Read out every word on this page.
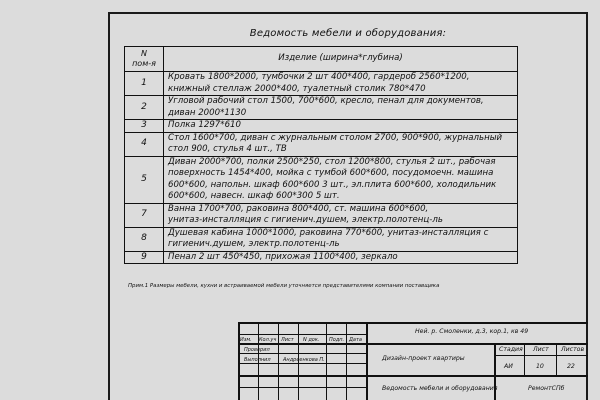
Ведомость мебели и оборудования:
N
пом-я	Изделие (ширина*глубина)
1	Кровать 1800*2000, тумбочки 2 шт 400*400, гардероб 2560*1200,
книжный стеллаж 2000*400, туалетный столик 780*470

2	Угловой рабочий стол 1500, 700*600, кресло, пенал для документов,
диван 2000*1130

3	Полка 1297*610

4	Стол 1600*700, диван с журнальным столом 2700, 900*900, журнальный
стол 900, стулья 4 шт., ТВ

5	Диван 2000*700, полки 2500*250, стол 1200*800, стулья 2 шт., рабочая
поверхность 1454*400, мойка с тумбой 600*600, посудомоечн. машина
600*600, напольн. шкаф 600*600 3 шт., эл.плита 600*600, холодильник
600*600, навесн. шкаф 600*300 5 шт.

7	Ванна 1700*700, раковина 800*400, ст. машина 600*600,
унитаз-инсталляция с гигиенич.душем, электр.полотенц-ль

8	Душевая кабина 1000*1000, раковина 770*600, унитаз-инсталляция с
гигиенич.душем, электр.полотенц-ль

9	Пенал 2 шт 450*450, прихожая 1100*400, зеркало
Прим.1 Размеры мебели, кухни и встраиваемой мебели уточняется представителями компании поставщика
Ней. р. Смоленки, д.3, кор.1, кв 49
Изм. Кол.уч Лист N док. Подп. Дата
Проверил
Выполнил Андреенкова П.	Дизайн-проект квартиры
Стадия Лист Листов
АИ	10	22
Ведомость мебели и оборудования	РемонтСПб
